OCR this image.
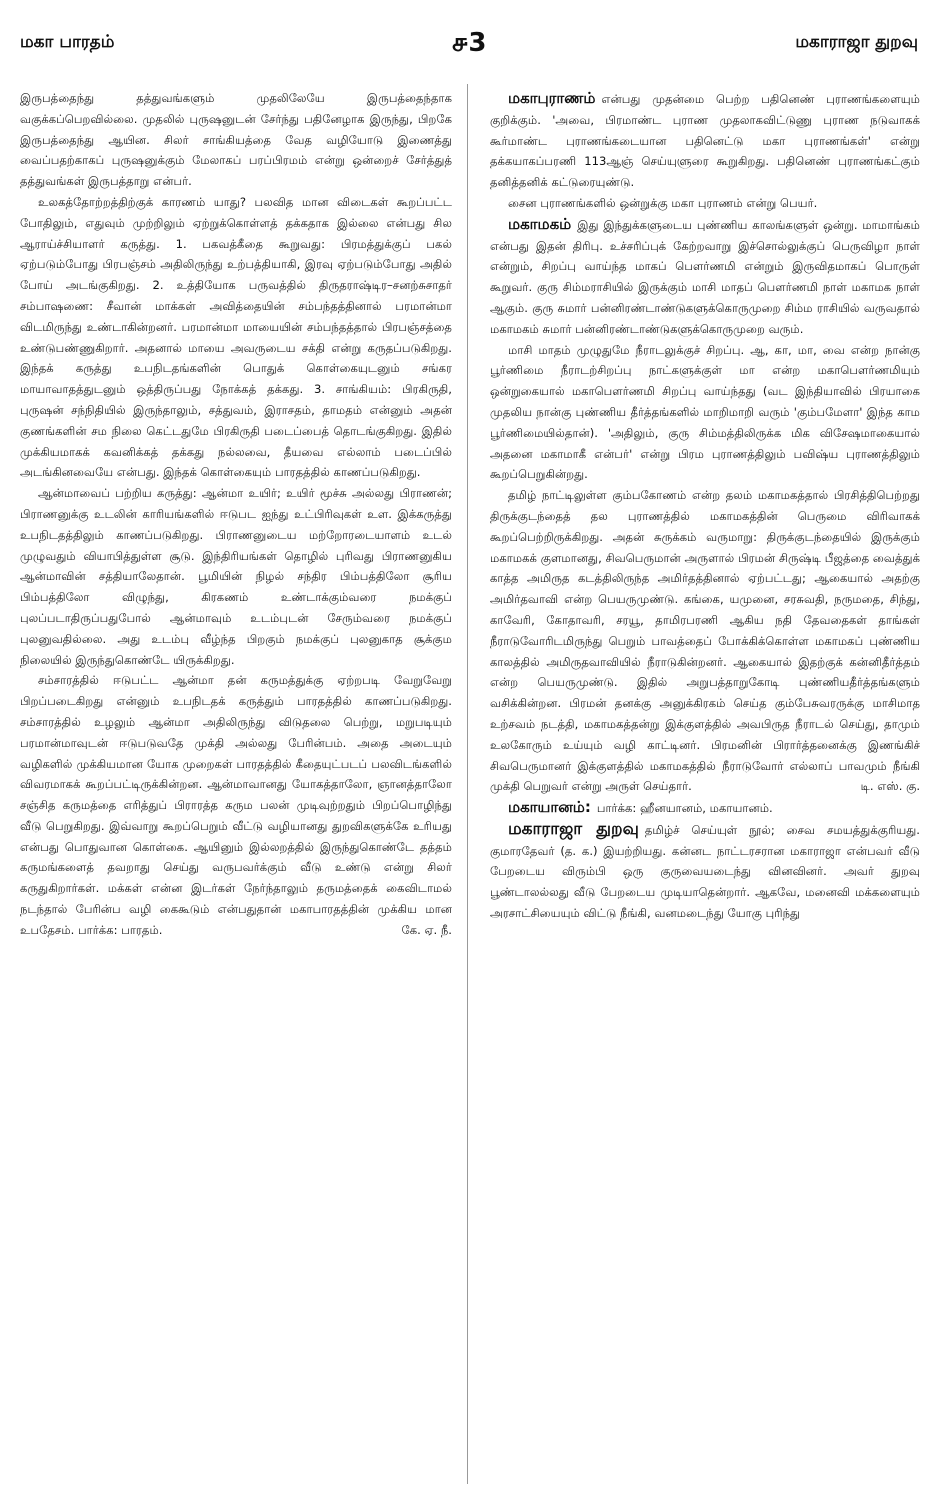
மகா பாரதம்	௪3	மகாராஜா துறவு

இருபத்தைந்து தத்துவங்களும் முதலிலேயே இருபத்தைந்தாக வகுக்கப்பெறவில்லை. முதலில் புருஷனுடன் சேர்ந்து பதினேழாக இருந்து, பிறகே இருபத்தைந்து ஆயின. சிலர் சாங்கியத்தை வேத வழியோடு இணைத்து வைப்பதற்காகப் புருஷனுக்கும் மேலாகப் பரப்பிரமம் என்று ஒன்றைச் சேர்த்துத் தத்துவங்கள் இருபத்தாறு என்பர்.

உலகத்தோற்றத்திற்குக் காரணம் யாது? பலவித மான விடைகள் கூறப்பட்ட போதிலும், எதுவும் முற்றிலும் ஏற்றுக்கொள்ளத் தக்கதாக இல்லை என்பது சில ஆராய்ச்சியாளர் கருத்து. 1. பகவத்கீதை கூறுவது: பிரமத்துக்குப் பகல் ஏற்படும்போது பிரபஞ்சம் அதிலிருந்து உற்பத்தியாகி, இரவு ஏற்படும்போது அதில் போய் அடங்குகிறது. 2. உத்தியோக பருவத்தில் திருதராஷ்டிர–சனற்சுசாதர் சம்பாஷணை: சீவான் மாக்கள் அவித்தையின் சம்பந்தத்தினால் பரமான்மா விடமிருந்து உண்டாகின்றனர். பரமான்மா மாயையின் சம்பந்தத்தால் பிரபஞ்சத்தை உண்டுபண்ணுகிறார். அதனால் மாயை அவருடைய சக்தி என்று கருதப்படுகிறது. இந்தக் கருத்து உபநிடதங்களின் பொதுக் கொள்கையுடனும் சங்கர மாயாவாதத்துடனும் ஒத்திருப்பது நோக்கத் தக்கது. 3. சாங்கியம்: பிரகிருதி, புருஷன் சந்நிதியில் இருந்தாலும், சத்துவம், இராசதம், தாமதம் என்னும் அதன் குணங்களின் சம நிலை கெட்டதுமே பிரகிருதி படைப்பைத் தொடங்குகிறது. இதில் முக்கியமாகக் கவனிக்கத் தக்கது நல்லவை, தீயவை எல்லாம் படைப்பில் அடங்கினவையே என்பது. இந்தக் கொள்கையும் பாரதத்தில் காணப்படுகிறது.

ஆன்மாவைப் பற்றிய கருத்து: ஆன்மா உயிர்; உயிர் மூச்சு அல்லது பிராணன்; பிராணனுக்கு உடலின் காரியங்களில் ஈடுபட ஐந்து உட்பிரிவுகள் உள. இக்கருத்து உபநிடதத்திலும் காணப்படுகிறது. பிராணனுடைய மற்றோரடையாளம் உடல் முழுவதும் வியாபித்துள்ள சூடு. இந்திரியங்கள் தொழில் புரிவது பிராணனுகிய ஆன்மாவின் சத்தியாலேதான். பூமியின் நிழல் சந்திர பிம்பத்திலோ சூரிய பிம்பத்திலோ விழுந்து, கிரகணம் உண்டாக்கும்வரை நமக்குப் புலப்படாதிருப்பதுபோல் ஆன்மாவும் உடம்புடன் சேரும்வரை நமக்குப் புலனுவதில்லை. அது உடம்பு வீழ்ந்த பிறகும் நமக்குப் புலனுகாத சூக்கும நிலையில் இருந்துகொண்டே யிருக்கிறது.

சம்சாரத்தில் ஈடுபட்ட ஆன்மா தன் கருமத்துக்கு ஏற்றபடி வேறுவேறு பிறப்படைகிறது என்னும் உபநிடதக் கருத்தும் பாரதத்தில் காணப்படுகிறது. சம்சாரத்தில் உழலும் ஆன்மா அதிலிருந்து விடுதலை பெற்று, மறுபடியும் பரமான்மாவுடன் ஈடுபடுவதே முக்தி அல்லது பேரின்பம். அதை அடையும் வழிகளில் முக்கியமான யோக முறைகள் பாரதத்தில் கீதையுட்படப் பலவிடங்களில் விவரமாகக் கூறப்பட்டிருக்கின்றன. ஆன்மாவானது யோகத்தாலோ, ஞானத்தாலோ சஞ்சித கருமத்தை எரித்துப் பிராரத்த கரும பலன் முடிவுற்றதும் பிறப்பொழிந்து வீடு பெறுகிறது. இவ்வாறு கூறப்பெறும் வீட்டு வழியானது துறவிகளுக்கே உரியது என்பது பொதுவான கொள்கை. ஆயினும் இல்லறத்தில் இருந்துகொண்டே தத்தம் கருமங்களைத் தவறாது செய்து வருபவர்க்கும் வீடு உண்டு என்று சிலர் கருதுகிறார்கள். மக்கள் என்ன இடர்கள் நேர்ந்தாலும் தருமத்தைக் கைவிடாமல் நடந்தால் பேரின்ப வழி கைகூடும் என்பதுதான் மகாபாரதத்தின் முக்கிய மான உபதேசம். பார்க்க: பாரதம்.	கே. ஏ. நீ.

மகாபுராணம் என்பது முதன்மை பெற்ற பதினெண் புராணங்களையும் குறிக்கும். 'அவை, பிரமாண்ட புராண முதலாகவிட்டுணு புராண நடுவாகக் கூர்மாண்ட புராணங்கடையான பதினெட்டு மகா புராணங்கள்' என்று தக்கயாகப்பரணி 113ஆஞ் செய்யுளுரை கூறுகிறது. பதினெண் புராணங்கட்கும் தனித்தனிக் கட்டுரையுண்டு.

சைன புராணங்களில் ஒன்றுக்கு மகா புராணம் என்று பெயர்.

மகாமகம் இது இந்துக்களுடைய புண்ணிய காலங்களுள் ஒன்று. மாமாங்கம் என்பது இதன் திரிபு. உச்சரிப்புக் கேற்றவாறு இச்சொல்லுக்குப் பெருவிழா நாள் என்றும், சிறப்பு வாய்ந்த மாகப் பௌர்ணமி என்றும் இருவிதமாகப் பொருள் கூறுவர். குரு சிம்மராசியில் இருக்கும் மாசி மாதப் பௌர்ணமி நாள் மகாமக நாள் ஆகும். குரு சுமார் பன்னிரண்டாண்டுகளுக்கொருமுறை சிம்ம ராசியில் வருவதால் மகாமகம் சுமார் பன்னிரண்டாண்டுகளுக்கொருமுறை வரும்.

மாசி மாதம் முழுதுமே நீராடலுக்குச் சிறப்பு. ஆ, கா, மா, வை என்ற நான்கு பூர்ணிமை நீராடற்சிறப்பு நாட்களுக்குள் மா என்ற மகாபௌர்ணமியும் ஒன்றுகையால் மகாபௌர்ணமி சிறப்பு வாய்ந்தது (வட இந்தியாவில் பிரயாகை முதலிய நான்கு புண்ணிய தீர்த்தங்களில் மாறிமாறி வரும் 'கும்பமேளா' இந்த காம பூர்ணிமையில்தான்). 'அதிலும், குரு சிம்மத்திலிருக்க மிக விசேஷமாகையால் அதனை மகாமாகீ என்பர்' என்று பிரம புராணத்திலும் பவிஷ்ய புராணத்திலும் கூறப்பெறுகின்றது.

தமிழ் நாட்டிலுள்ள கும்பகோணம் என்ற தலம் மகாமகத்தால் பிரசித்திபெற்றது திருக்குடந்தைத் தல புராணத்தில் மகாமகத்தின் பெருமை விரிவாகக் கூறப்பெற்றிருக்கிறது. அதன் சுருக்கம் வருமாறு: திருக்குடந்தையில் இருக்கும் மகாமகக் குளமானது, சிவபெருமான் அருளால் பிரமன் சிருஷ்டி பீஜத்தை வைத்துக் காத்த அமிருத கடத்திலிருந்த அமிர்தத்தினால் ஏற்பட்டது; ஆகையால் அதற்கு அமிர்தவாவி என்ற பெயருமுண்டு. கங்கை, யமுனை, சரசுவதி, நருமதை, சிந்து, காவேரி, கோதாவரி, சரயூ, தாமிரபரணி ஆகிய நதி தேவதைகள் தாங்கள் நீராடுவோரிடமிருந்து பெறும் பாவத்தைப் போக்கிக்கொள்ள மகாமகப் புண்ணிய காலத்தில் அமிருதவாவியில் நீராடுகின்றனர். ஆகையால் இதற்குக் கன்னிதீர்த்தம் என்ற பெயருமுண்டு. இதில் அறுபத்தாறுகோடி புண்ணியதீர்த்தங்களும் வசிக்கின்றன. பிரமன் தனக்கு அனுக்கிரகம் செய்த கும்பேசுவரருக்கு மாசிமாத உற்சவம் நடத்தி, மகாமகத்தன்று இக்குளத்தில் அவபிருத நீராடல் செய்து, தாமும் உலகோரும் உய்யும் வழி காட்டினர். பிரமனின் பிரார்த்தனைக்கு இணங்கிச் சிவபெருமானர் இக்குளத்தில் மகாமகத்தில் நீராடுவோர் எல்லாப் பாவமும் நீங்கி முக்தி பெறுவர் என்று அருள் செய்தார்.	டி. எஸ். கு.

மகாயானம்: பார்க்க: ஹீனயானம், மகாயானம்.

மகாராஜா துறவு தமிழ்ச் செய்யுள் நூல்; சைவ சமயத்துக்குரியது. குமாரதேவர் (த. க.) இயற்றியது. கன்னட நாட்டரசரான மகாராஜா என்பவர் வீடு பேறடைய விரும்பி ஒரு குருவையடைந்து வினவினர். அவர் துறவு பூண்டாலல்லது வீடு பேறடைய முடியாதென்றார். ஆகவே, மனைவி மக்களையும் அரசாட்சியையும் விட்டு நீங்கி, வனமடைந்து யோகு புரிந்து
